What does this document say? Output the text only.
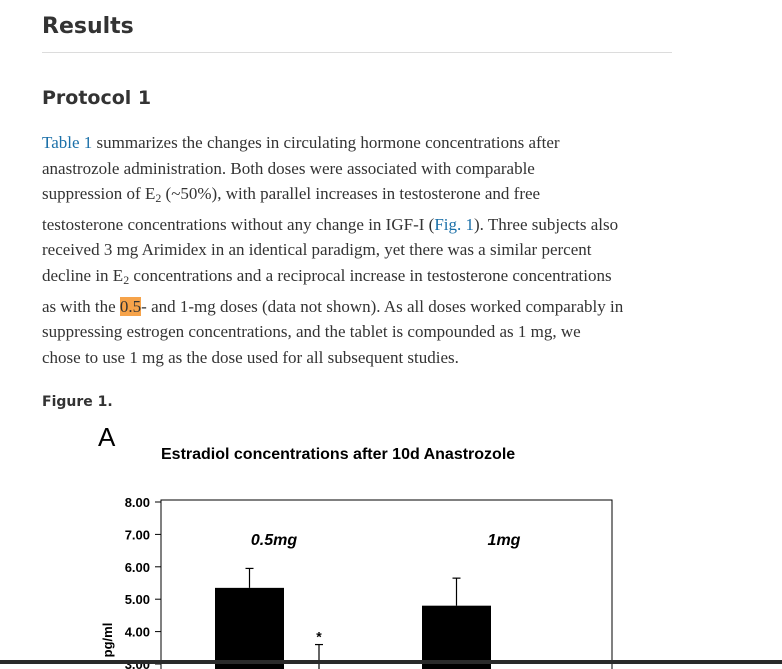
Results
Protocol 1

Table 1 summarizes the changes in circulating hormone concentrations after
anastrozole administration. Both doses were associated with comparable
suppression of $E_2$ (~50%), with parallel increases in testosterone and free
testosterone concentrations without any change in IGF-I (Fig. 1). Three subjects also
received 3 mg Arimidex in an identical paradigm, yet there was a similar percent
decline in $E_2$ concentrations and a reciprocal increase in testosterone concentrations
as with the 0.5- and 1-mg doses (data not shown). As all doses worked comparably in
suppressing estrogen concentrations, and the tablet is compounded as 1 mg, we
chose to use 1 mg as the dose used for all subsequent studies.

Figure 1.
A
Estradiol concentrations after 10d Anastrozole
4.00
5.00
6.00
7.00
8.00
pg/ml
0.5mg
*
1mg
